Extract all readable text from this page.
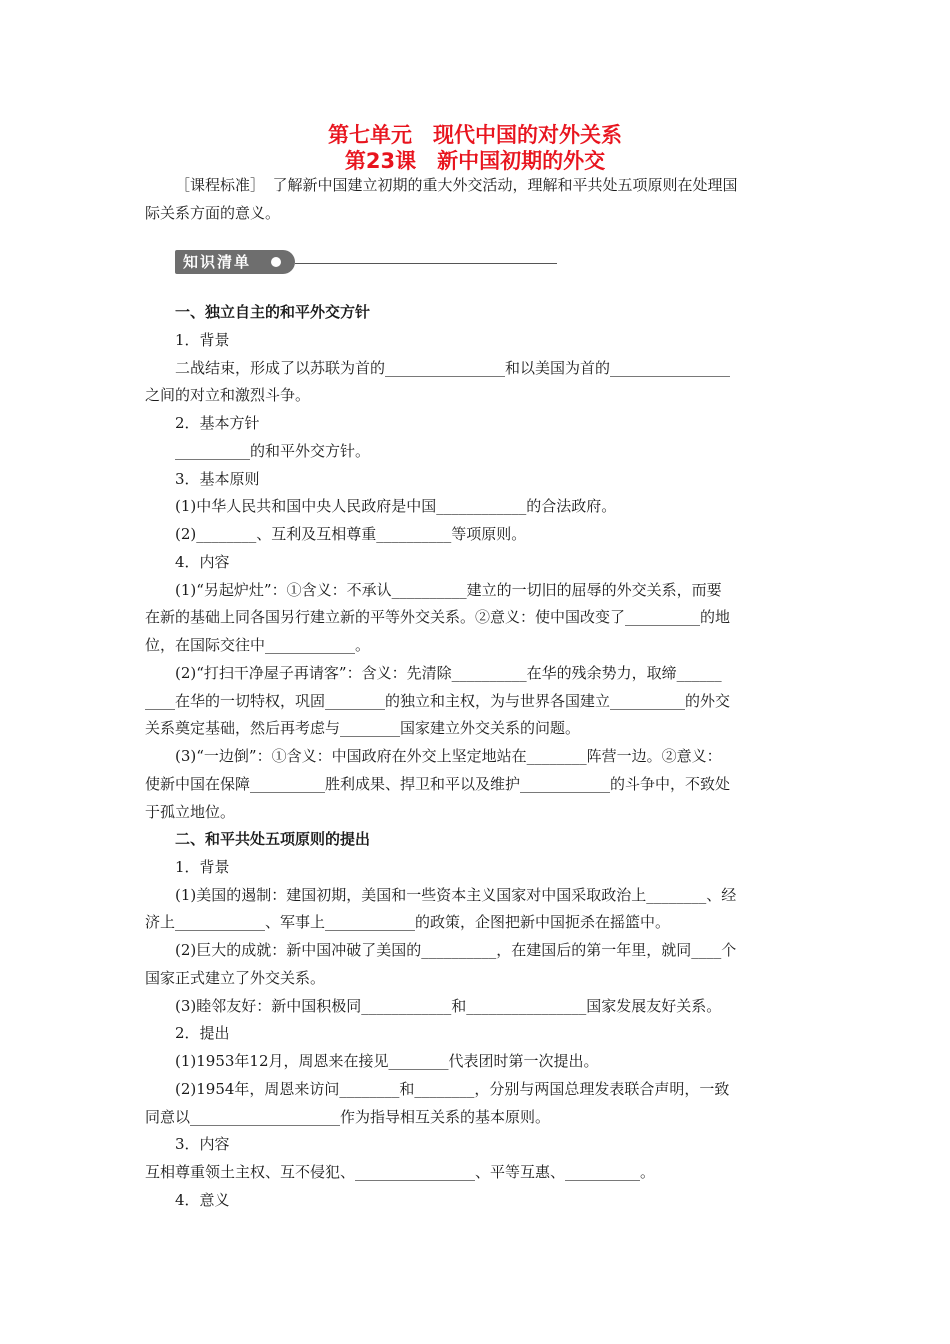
第七单元　现代中国的对外关系
第23课　新中国初期的外交
［课程标准］　了解新中国建立初期的重大外交活动，理解和平共处五项原则在处理国
际关系方面的意义。
知识清单
一、独立自主的和平外交方针
1．背景
二战结束，形成了以苏联为首的________________和以美国为首的________________
之间的对立和激烈斗争。
2．基本方针
__________的和平外交方针。
3．基本原则
(1)中华人民共和国中央人民政府是中国____________的合法政府。
(2)________、互利及互相尊重__________等项原则。
4．内容
(1)“另起炉灶”：①含义：不承认__________建立的一切旧的屈辱的外交关系，而要
在新的基础上同各国另行建立新的平等外交关系。②意义：使中国改变了__________的地
位，在国际交往中____________。
(2)“打扫干净屋子再请客”：含义：先清除__________在华的残余势力，取缔______
____在华的一切特权，巩固________的独立和主权，为与世界各国建立__________的外交
关系奠定基础，然后再考虑与________国家建立外交关系的问题。
(3)“一边倒”：①含义：中国政府在外交上坚定地站在________阵营一边。②意义：
使新中国在保障__________胜利成果、捍卫和平以及维护____________的斗争中，不致处
于孤立地位。
二、和平共处五项原则的提出
1．背景
(1)美国的遏制：建国初期，美国和一些资本主义国家对中国采取政治上________、经
济上____________、军事上____________的政策，企图把新中国扼杀在摇篮中。
(2)巨大的成就：新中国冲破了美国的__________，在建国后的第一年里，就同____个
国家正式建立了外交关系。
(3)睦邻友好：新中国积极同____________和________________国家发展友好关系。
2．提出
(1)1953年12月，周恩来在接见________代表团时第一次提出。
(2)1954年，周恩来访问________和________，分别与两国总理发表联合声明，一致
同意以____________________作为指导相互关系的基本原则。
3．内容
互相尊重领土主权、互不侵犯、________________、平等互惠、__________。
4．意义
